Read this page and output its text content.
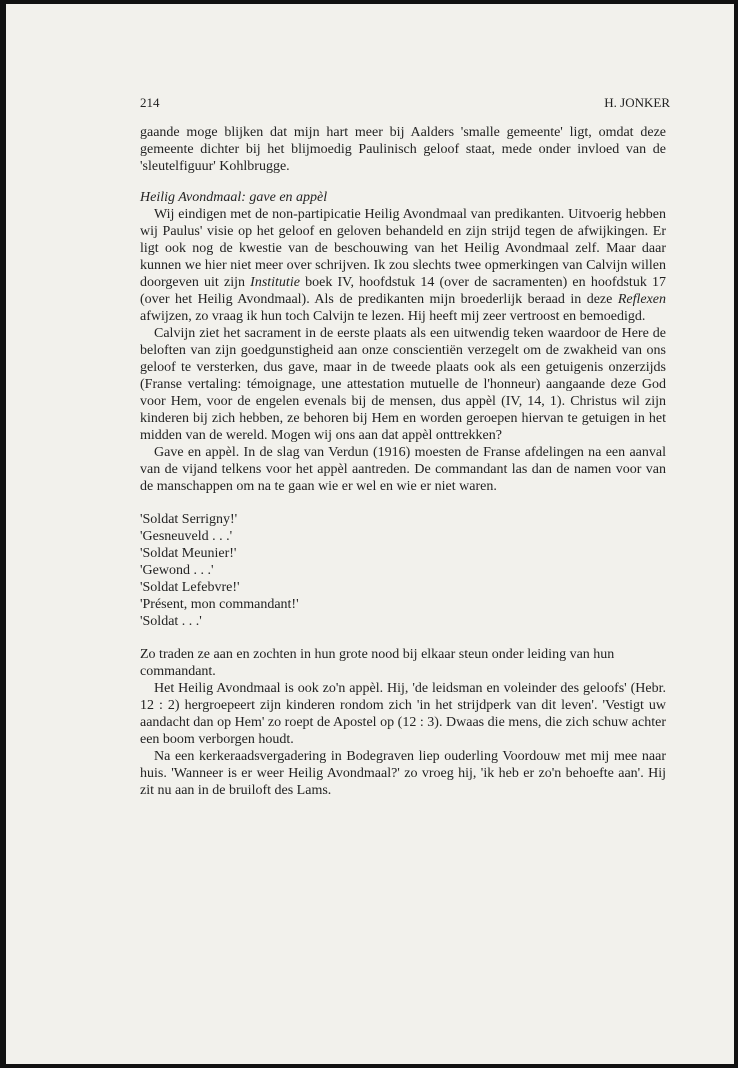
214	H. JONKER

gaande moge blijken dat mijn hart meer bij Aalders 'smalle gemeente' ligt, omdat deze gemeente dichter bij het blijmoedig Paulinisch geloof staat, mede onder invloed van de 'sleutelfiguur' Kohlbrugge.

Heilig Avondmaal: gave en appèl

Wij eindigen met de non-partipicatie Heilig Avondmaal van predikanten. Uitvoerig hebben wij Paulus' visie op het geloof en geloven behandeld en zijn strijd tegen de afwijkingen. Er ligt ook nog de kwestie van de beschouwing van het Heilig Avondmaal zelf. Maar daar kunnen we hier niet meer over schrijven. Ik zou slechts twee opmerkingen van Calvijn willen doorgeven uit zijn Institutie boek IV, hoofdstuk 14 (over de sacramenten) en hoofdstuk 17 (over het Heilig Avondmaal). Als de predikanten mijn broederlijk beraad in deze Reflexen afwijzen, zo vraag ik hun toch Calvijn te lezen. Hij heeft mij zeer vertroost en bemoedigd.

Calvijn ziet het sacrament in de eerste plaats als een uitwendig teken waardoor de Here de beloften van zijn goedgunstigheid aan onze conscientiën verzegelt om de zwakheid van ons geloof te versterken, dus gave, maar in de tweede plaats ook als een getuigenis onzerzijds (Franse vertaling: témoignage, une attestation mutuelle de l'honneur) aangaande deze God voor Hem, voor de engelen evenals bij de mensen, dus appèl (IV, 14, 1). Christus wil zijn kinderen bij zich hebben, ze behoren bij Hem en worden geroepen hiervan te getuigen in het midden van de wereld. Mogen wij ons aan dat appèl onttrekken?

Gave en appèl. In de slag van Verdun (1916) moesten de Franse afdelingen na een aanval van de vijand telkens voor het appèl aantreden. De commandant las dan de namen voor van de manschappen om na te gaan wie er wel en wie er niet waren.

'Soldat Serrigny!'
'Gesneuveld . . .'
'Soldat Meunier!'
'Gewond . . .'
'Soldat Lefebvre!'
'Présent, mon commandant!'
'Soldat . . .'

Zo traden ze aan en zochten in hun grote nood bij elkaar steun onder leiding van hun commandant.

Het Heilig Avondmaal is ook zo'n appèl. Hij, 'de leidsman en voleinder des geloofs' (Hebr. 12 : 2) hergroepeert zijn kinderen rondom zich 'in het strijdperk van dit leven'. 'Vestigt uw aandacht dan op Hem' zo roept de Apostel op (12 : 3). Dwaas die mens, die zich schuw achter een boom verborgen houdt.

Na een kerkeraadsvergadering in Bodegraven liep ouderling Voordouw met mij mee naar huis. 'Wanneer is er weer Heilig Avondmaal?' zo vroeg hij, 'ik heb er zo'n behoefte aan'. Hij zit nu aan in de bruiloft des Lams.
